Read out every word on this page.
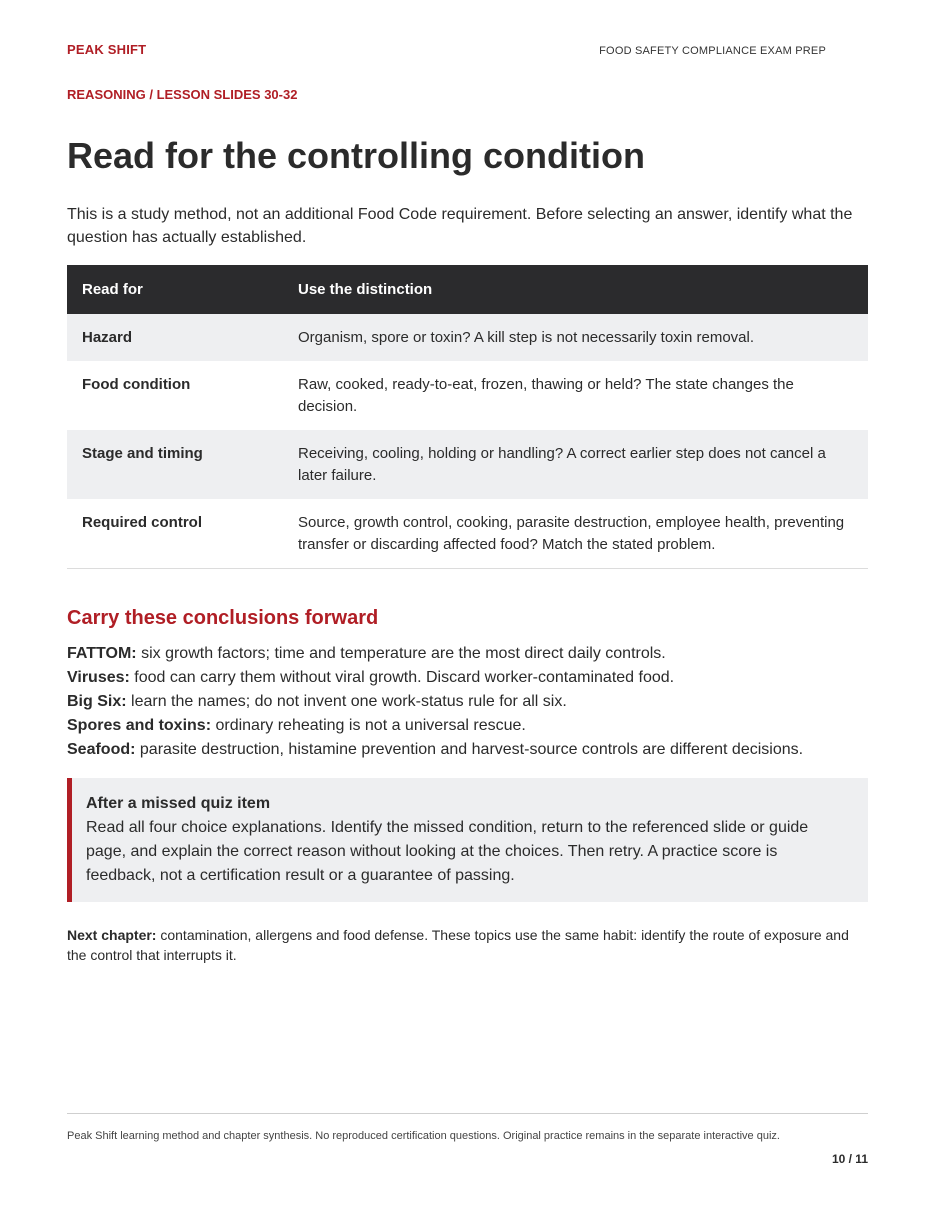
PEAK SHIFT	FOOD SAFETY COMPLIANCE EXAM PREP
REASONING / LESSON SLIDES 30-32
Read for the controlling condition

This is a study method, not an additional Food Code requirement. Before selecting an answer, identify what the question has actually established.

Read for	Use the distinction
Hazard	Organism, spore or toxin? A kill step is not necessarily toxin removal.
Food condition	Raw, cooked, ready-to-eat, frozen, thawing or held? The state changes the decision.
Stage and timing	Receiving, cooling, holding or handling? A correct earlier step does not cancel a later failure.
Required control	Source, growth control, cooking, parasite destruction, employee health, preventing transfer or discarding affected food? Match the stated problem.
Carry these conclusions forward
FATTOM: six growth factors; time and temperature are the most direct daily controls.
Viruses: food can carry them without viral growth. Discard worker-contaminated food.
Big Six: learn the names; do not invent one work-status rule for all six.
Spores and toxins: ordinary reheating is not a universal rescue.
Seafood: parasite destruction, histamine prevention and harvest-source controls are different decisions.
After a missed quiz item
Read all four choice explanations. Identify the missed condition, return to the referenced slide or guide page, and explain the correct reason without looking at the choices. Then retry. A practice score is feedback, not a certification result or a guarantee of passing.
Next chapter: contamination, allergens and food defense. These topics use the same habit: identify the route of exposure and the control that interrupts it.
Peak Shift learning method and chapter synthesis. No reproduced certification questions. Original practice remains in the separate interactive quiz.
10 / 11
